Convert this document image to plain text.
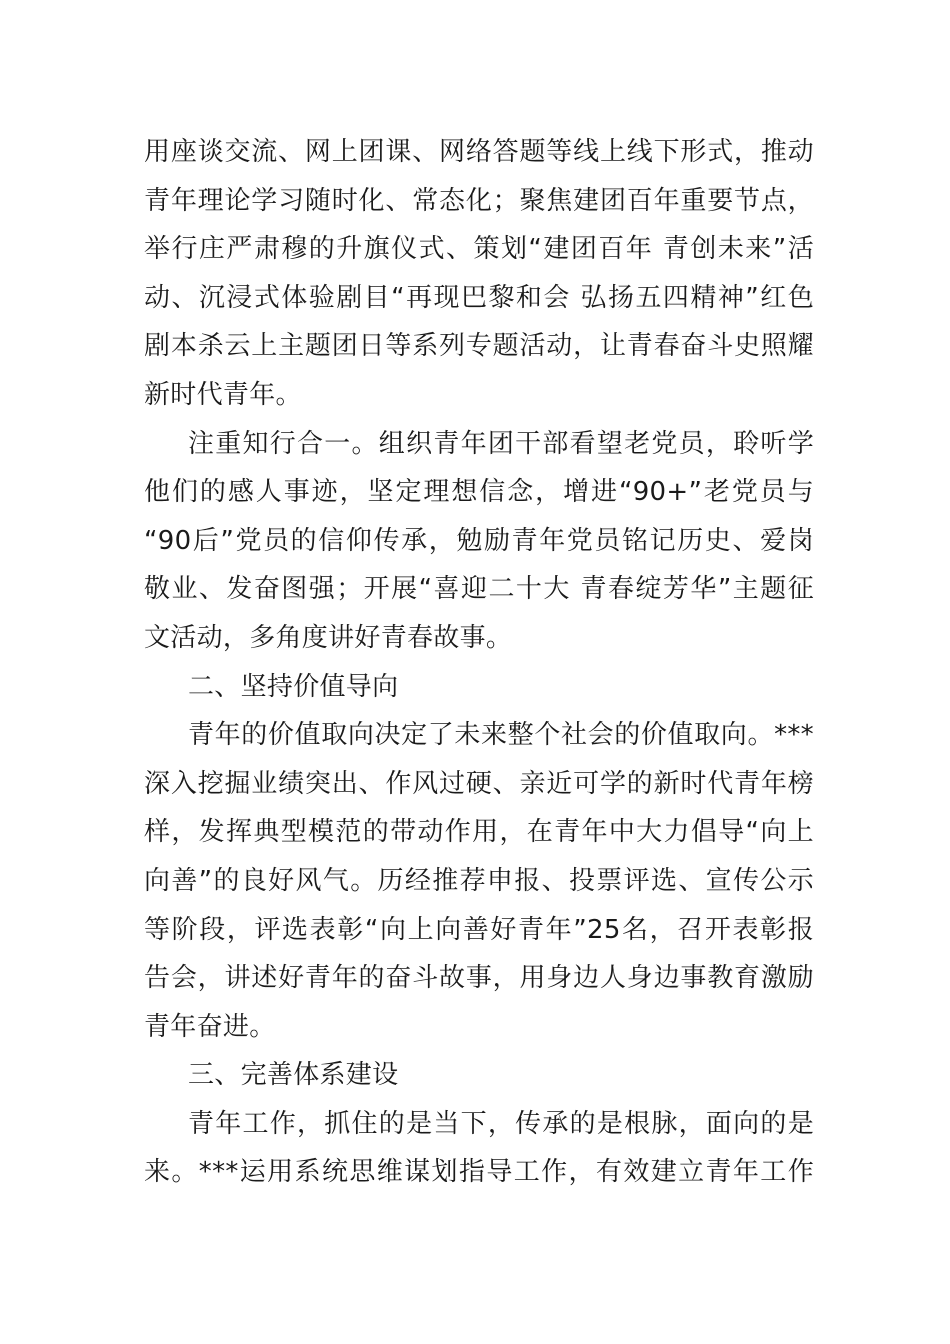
用座谈交流、网上团课、网络答题等线上线下形式，推动
青年理论学习随时化、常态化；聚焦建团百年重要节点，
举行庄严肃穆的升旗仪式、策划“建团百年 青创未来”活
动、沉浸式体验剧目“再现巴黎和会 弘扬五四精神”红色
剧本杀云上主题团日等系列专题活动，让青春奋斗史照耀
新时代青年。
注重知行合一。组织青年团干部看望老党员，聆听学
他们的感人事迹，坚定理想信念，增进“90+”老党员与
“90后”党员的信仰传承，勉励青年党员铭记历史、爱岗
敬业、发奋图强；开展“喜迎二十大 青春绽芳华”主题征
文活动，多角度讲好青春故事。
二、坚持价值导向
青年的价值取向决定了未来整个社会的价值取向。***
深入挖掘业绩突出、作风过硬、亲近可学的新时代青年榜
样，发挥典型模范的带动作用，在青年中大力倡导“向上
向善”的良好风气。历经推荐申报、投票评选、宣传公示
等阶段，评选表彰“向上向善好青年”25名，召开表彰报
告会，讲述好青年的奋斗故事，用身边人身边事教育激励
青年奋进。
三、完善体系建设
青年工作，抓住的是当下，传承的是根脉，面向的是
来。***运用系统思维谋划指导工作，有效建立青年工作
